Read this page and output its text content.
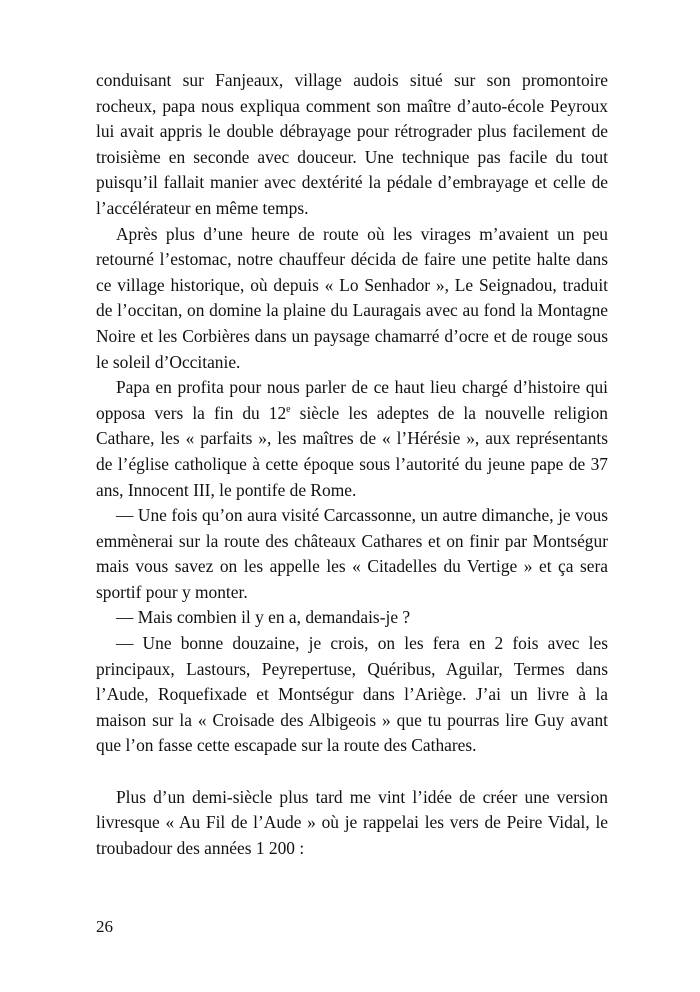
conduisant sur Fanjeaux, village audois situé sur son promontoire rocheux, papa nous expliqua comment son maître d’auto-école Peyroux lui avait appris le double débrayage pour rétrograder plus facilement de troisième en seconde avec douceur. Une technique pas facile du tout puisqu’il fallait manier avec dextérité la pédale d’embrayage et celle de l’accélérateur en même temps.

Après plus d’une heure de route où les virages m’avaient un peu retourné l’estomac, notre chauffeur décida de faire une petite halte dans ce village historique, où depuis « Lo Senhador », Le Seignadou, traduit de l’occitan, on domine la plaine du Lauragais avec au fond la Montagne Noire et les Corbières dans un paysage chamarré d’ocre et de rouge sous le soleil d’Occitanie.

Papa en profita pour nous parler de ce haut lieu chargé d’histoire qui opposa vers la fin du 12e siècle les adeptes de la nouvelle religion Cathare, les « parfaits », les maîtres de « l’Hérésie », aux représentants de l’église catholique à cette époque sous l’autorité du jeune pape de 37 ans, Innocent III, le pontife de Rome.

— Une fois qu’on aura visité Carcassonne, un autre dimanche, je vous emmènerai sur la route des châteaux Cathares et on finir par Montségur mais vous savez on les appelle les « Citadelles du Vertige » et ça sera sportif pour y monter.

— Mais combien il y en a, demandais-je ?

— Une bonne douzaine, je crois, on les fera en 2 fois avec les principaux, Lastours, Peyrepertuse, Quéribus, Aguilar, Termes dans l’Aude, Roquefixade et Montségur dans l’Ariège. J’ai un livre à la maison sur la « Croisade des Albigeois » que tu pourras lire Guy avant que l’on fasse cette escapade sur la route des Cathares.

Plus d’un demi-siècle plus tard me vint l’idée de créer une version livresque « Au Fil de l’Aude » où je rappelai les vers de Peire Vidal, le troubadour des années 1 200 :

26
